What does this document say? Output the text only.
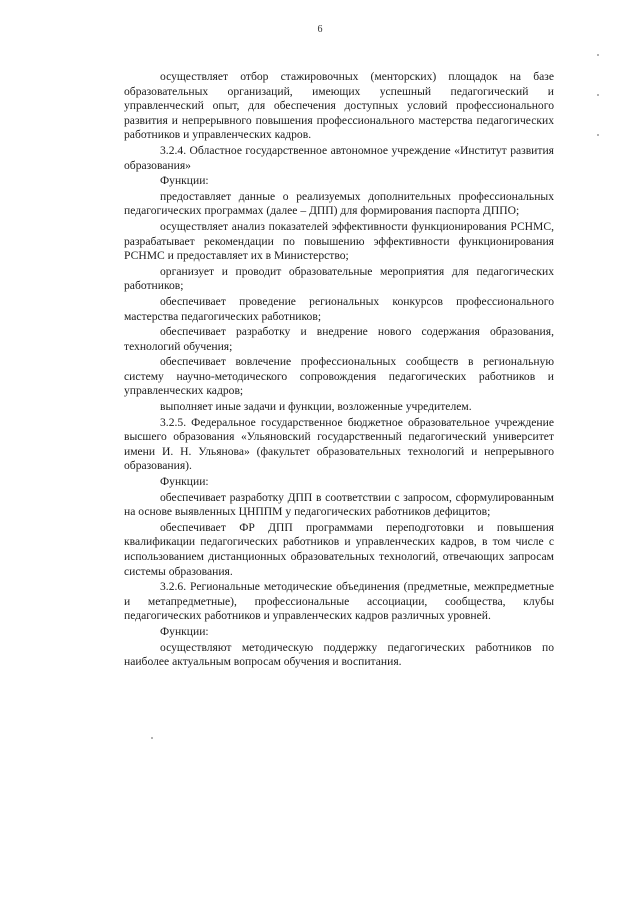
6

осуществляет отбор стажировочных (менторских) площадок на базе образовательных организаций, имеющих успешный педагогический и управленческий опыт, для обеспечения доступных условий профессионального развития и непрерывного повышения профессионального мастерства педагогических работников и управленческих кадров.

3.2.4. Областное государственное автономное учреждение «Институт развития образования»

Функции:

предоставляет данные о реализуемых дополнительных профессиональных педагогических программах (далее – ДПП) для формирования паспорта ДППО;

осуществляет анализ показателей эффективности функционирования РСНМС, разрабатывает рекомендации по повышению эффективности функционирования РСНМС и предоставляет их в Министерство;

организует и проводит образовательные мероприятия для педагогических работников;

обеспечивает проведение региональных конкурсов профессионального мастерства педагогических работников;

обеспечивает разработку и внедрение нового содержания образования, технологий обучения;

обеспечивает вовлечение профессиональных сообществ в региональную систему научно-методического сопровождения педагогических работников и управленческих кадров;

выполняет иные задачи и функции, возложенные учредителем.

3.2.5. Федеральное государственное бюджетное образовательное учреждение высшего образования «Ульяновский государственный педагогический университет имени И. Н. Ульянова» (факультет образовательных технологий и непрерывного образования).

Функции:

обеспечивает разработку ДПП в соответствии с запросом, сформулированным на основе выявленных ЦНППМ у педагогических работников дефицитов;

обеспечивает ФР ДПП программами переподготовки и повышения квалификации педагогических работников и управленческих кадров, в том числе с использованием дистанционных образовательных технологий, отвечающих запросам системы образования.

3.2.6. Региональные методические объединения (предметные, межпредметные и метапредметные), профессиональные ассоциации, сообщества, клубы педагогических работников и управленческих кадров различных уровней.

Функции:

осуществляют методическую поддержку педагогических работников по наиболее актуальным вопросам обучения и воспитания.
